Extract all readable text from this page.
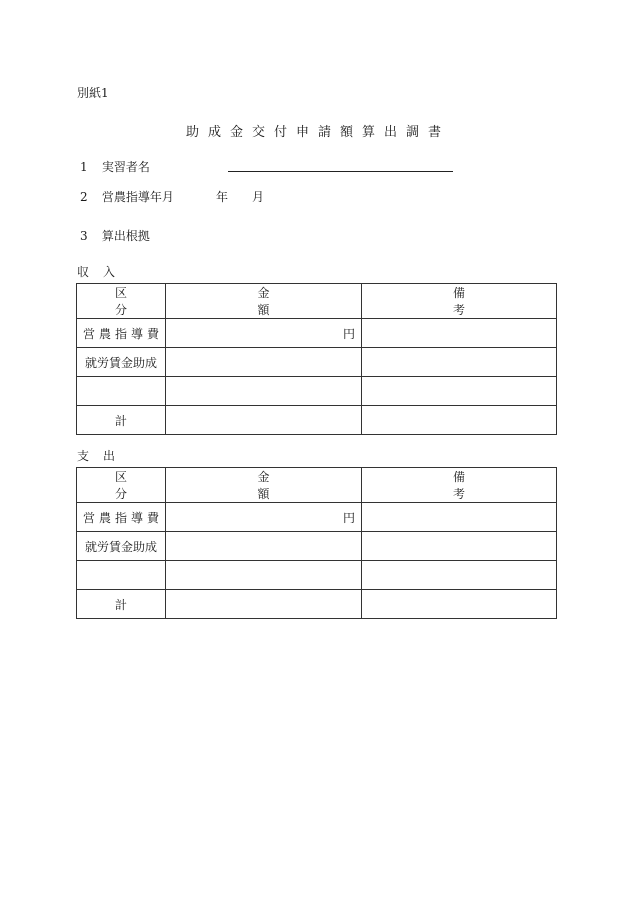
別紙1
助成金交付申請額算出調書
1 実習者名
2 営農指導年月	年 月
3 算出根拠
収入
区分	金額	備考
営農指導費	円	
就労賃金助成		

計		
支出
区分	金額	備考
営農指導費	円	
就労賃金助成		

計		
